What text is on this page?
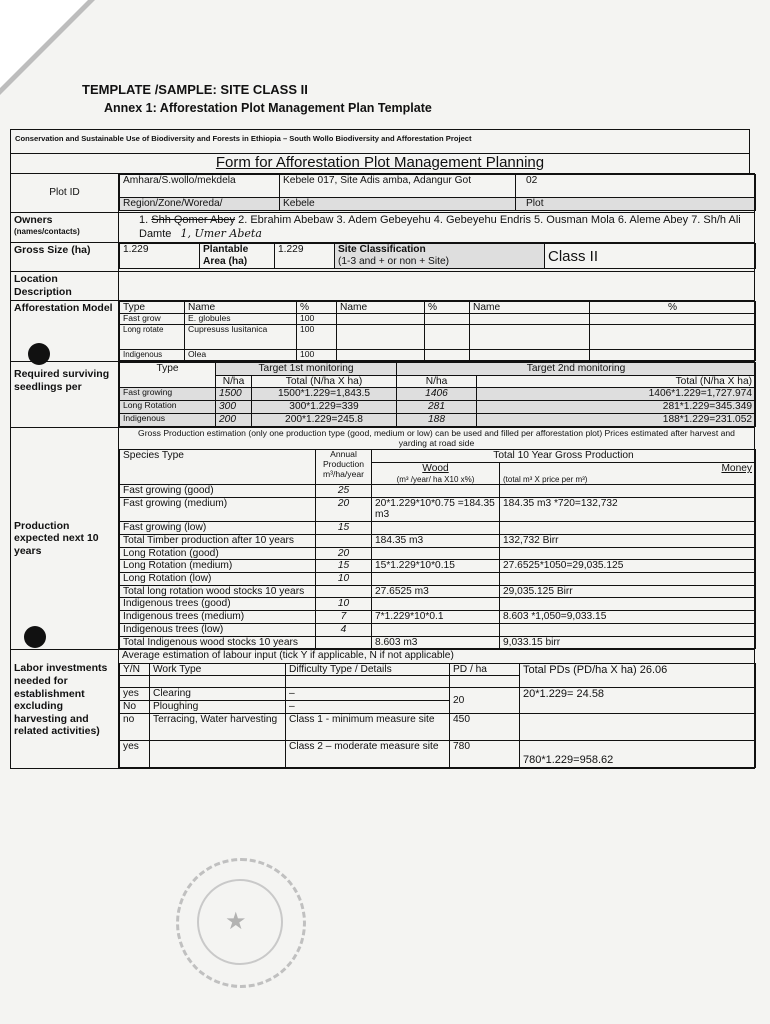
TEMPLATE /SAMPLE: SITE CLASS II
Annex 1: Afforestation Plot Management Plan Template
Conservation and Sustainable Use of Biodiversity and Forests in Ethiopia – South Wollo Biodiversity and Afforestation Project
Form for Afforestation Plot Management Planning
Plot ID	
Amhara/S.wollo/mekdela	Kebele 017, Site Adis amba, Adangur Got	02
Region/Zone/Woreda/	Kebele	Plot

Owners
(names/contacts)
	1. Shh Qomer Abey 2. Ebrahim Abebaw 3. Adem Gebeyehu 4. Gebeyehu Endris 5. Ousman Mola 6. Aleme Abey 7. Sh/h Ali Damte 1, Umer Abeta
Gross Size (ha)		1.229	Plantable Area (ha)	1.229	Site Classification
(1-3 and + or non + Site)	Class II

Location Description	
Afforestation Model	Type	Name	%	Name	%	Name	%
Fast grow	E. globules	100				
Long rotate	Cupresuss lusitanica	100				
Indigenous	Olea	100				

Required surviving seedlings per	
Type	Target 1st monitoring	Target 2nd monitoring
N/ha	Total (N/ha X ha)	N/ha	Total (N/ha X ha)
Fast growing	1500	1500*1.229=1,843.5	1406	1406*1.229=1,727.974
Long Rotation	300	300*1.229=339	281	281*1.229=345.349
Indigenous	200	200*1.229=245.8	188	188*1.229=231.052

Production expected next 10 years	
Gross Production estimation (only one production type (good, medium or low) can be used and filled per afforestation plot) Prices estimated after harvest and yarding at road side
Species Type	Annual Production m³/ha/year	Total 10 Year Gross Production

Wood
(m³ /year/ ha X10 x%)

Money
(total m³ X price per m³)

Fast growing (good)	25		
Fast growing (medium)	20	20*1.229*10*0.75 =184.35 m3	184.35 m3 *720=132,732
Fast growing (low)	15		
Total Timber production after 10 years		184.35 m3	132,732 Birr
Long Rotation (good)	20		
Long Rotation (medium)	15	15*1.229*10*0.15	27.6525*1050=29,035.125
Long Rotation (low)	10		
Total long rotation wood stocks 10 years		27.6525 m3	29,035.125 Birr
Indigenous trees (good)	10		
Indigenous trees (medium)	7	7*1.229*10*0.1	8.603 *1,050=9,033.15
Indigenous trees (low)	4		
Total Indigenous wood stocks 10 years		8.603 m3	9,033.15 birr

Labor investments needed for establishment excluding harvesting and related activities)	
Average estimation of labour input (tick Y if applicable, N if not applicable)
Y/N	Work Type	Difficulty Type / Details	PD / ha	Total PDs (PD/ha X ha) 26.06

yes	Clearing	–	20	20*1.229= 24.58
No	Ploughing	–
no	Terracing, Water harvesting	Class 1 - minimum measure site	450	
yes		Class 2 – moderate measure site	780	780*1.229=958.62
★
